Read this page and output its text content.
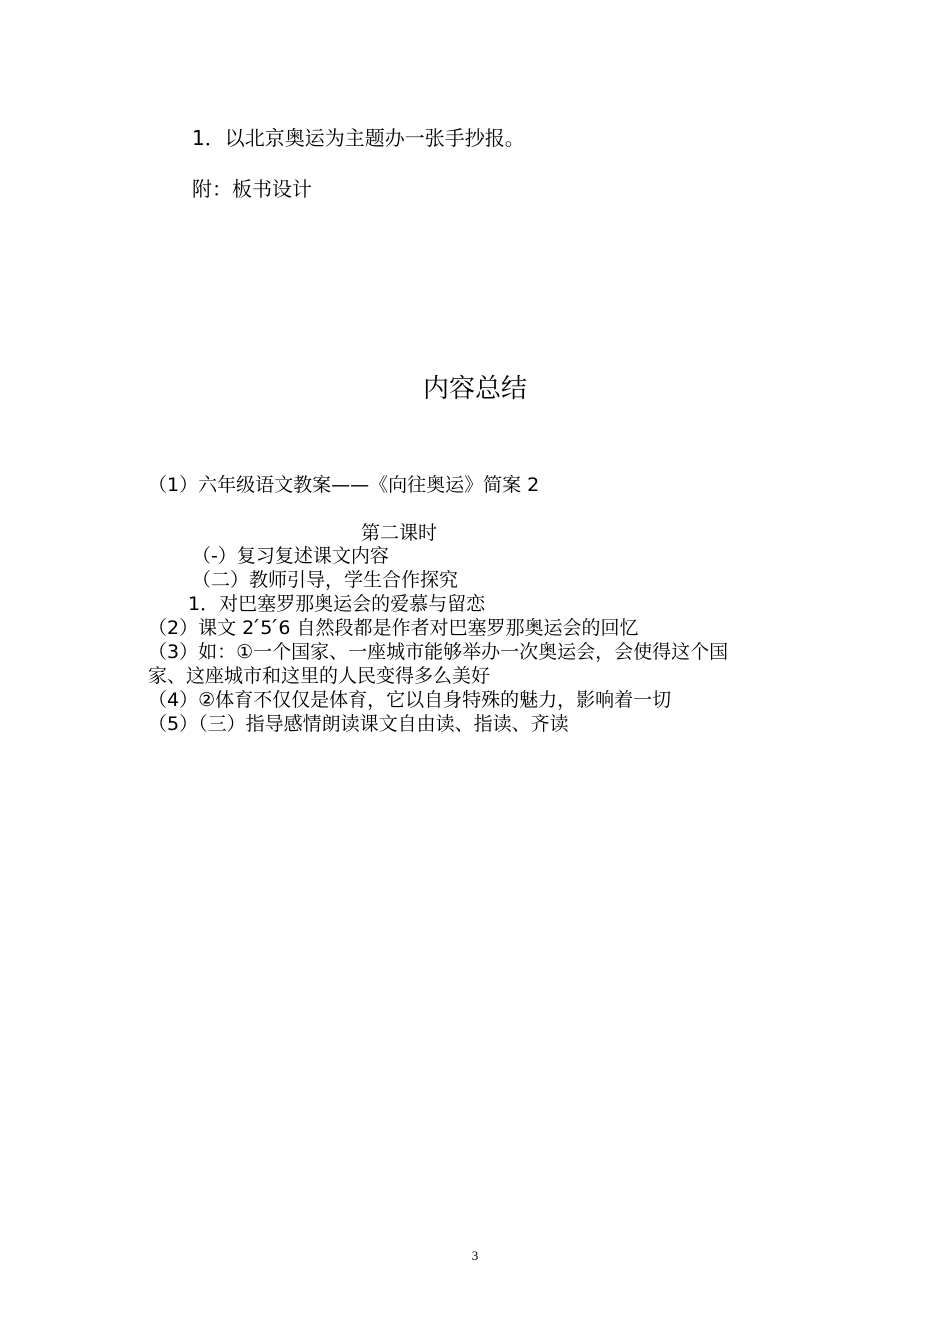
1．以北京奥运为主题办一张手抄报。
附：板书设计
内容总结
（1）六年级语文教案——《向往奥运》简案 2
第二课时
（-）复习复述课文内容
（二）教师引导，学生合作探究
1．对巴塞罗那奥运会的爱慕与留恋
（2）课文 2 ́5 ́6 自然段都是作者对巴塞罗那奥运会的回忆
（3）如：①一个国家、一座城市能够举办一次奥运会，会使得这个国
家、这座城市和这里的人民变得多么美好
（4）②体育不仅仅是体育，它以自身特殊的魅力，影响着一切
（5）（三）指导感情朗读课文自由读、指读、齐读
3
